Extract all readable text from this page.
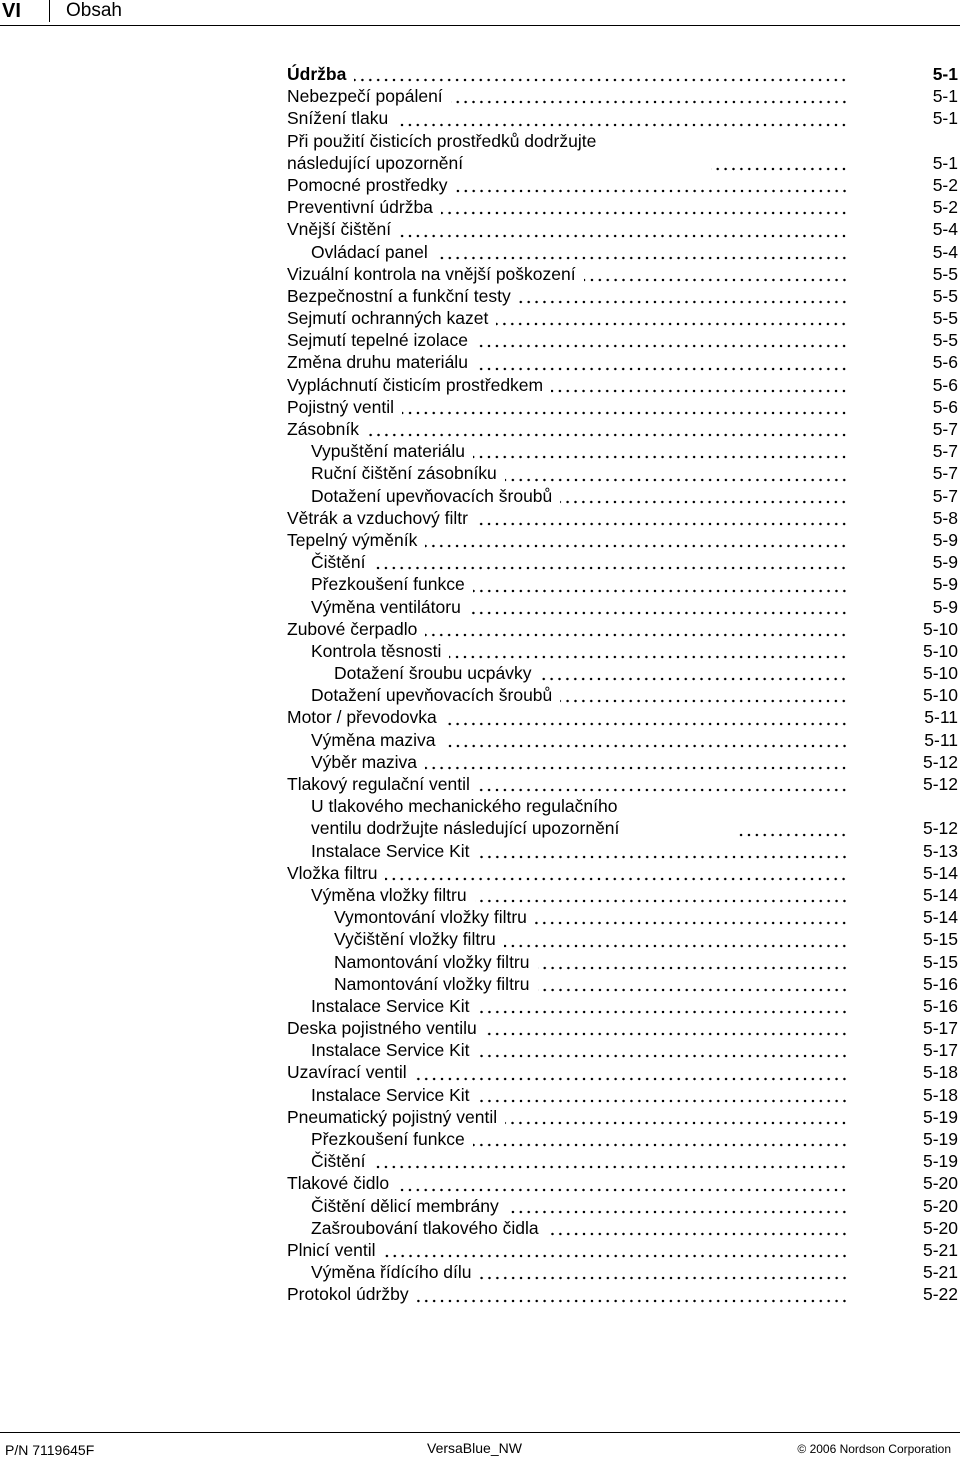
VI	Obsah
Údržba	5-1
Nebezpečí popálení	5-1
Snížení tlaku	5-1
Při použití čisticích prostředků dodržujte
následující upozornění	5-1
Pomocné prostředky	5-2
Preventivní údržba	5-2
Vnější čištění	5-4
Ovládací panel	5-4
Vizuální kontrola na vnější poškození	5-5
Bezpečnostní a funkční testy	5-5
Sejmutí ochranných kazet	5-5
Sejmutí tepelné izolace	5-5
Změna druhu materiálu	5-6
Vypláchnutí čisticím prostředkem	5-6
Pojistný ventil	5-6
Zásobník	5-7
Vypuštění materiálu	5-7
Ruční čištění zásobníku	5-7
Dotažení upevňovacích šroubů	5-7
Větrák a vzduchový filtr	5-8
Tepelný výměník	5-9
Čištění	5-9
Přezkoušení funkce	5-9
Výměna ventilátoru	5-9
Zubové čerpadlo	5-10
Kontrola těsnosti	5-10
Dotažení šroubu ucpávky	5-10
Dotažení upevňovacích šroubů	5-10
Motor / převodovka	5-11
Výměna maziva	5-11
Výběr maziva	5-12
Tlakový regulační ventil	5-12
U tlakového mechanického regulačního
ventilu dodržujte následující upozornění	5-12
Instalace Service Kit	5-13
Vložka filtru	5-14
Výměna vložky filtru	5-14
Vymontování vložky filtru	5-14
Vyčištění vložky filtru	5-15
Namontování vložky filtru	5-15
Namontování vložky filtru	5-16
Instalace Service Kit	5-16
Deska pojistného ventilu	5-17
Instalace Service Kit	5-17
Uzavírací ventil	5-18
Instalace Service Kit	5-18
Pneumatický pojistný ventil	5-19
Přezkoušení funkce	5-19
Čištění	5-19
Tlakové čidlo	5-20
Čištění dělicí membrány	5-20
Zašroubování tlakového čidla	5-20
Plnicí ventil	5-21
Výměna řídícího dílu	5-21
Protokol údržby	5-22
P/N 7119645F	VersaBlue_NW	© 2006 Nordson Corporation
